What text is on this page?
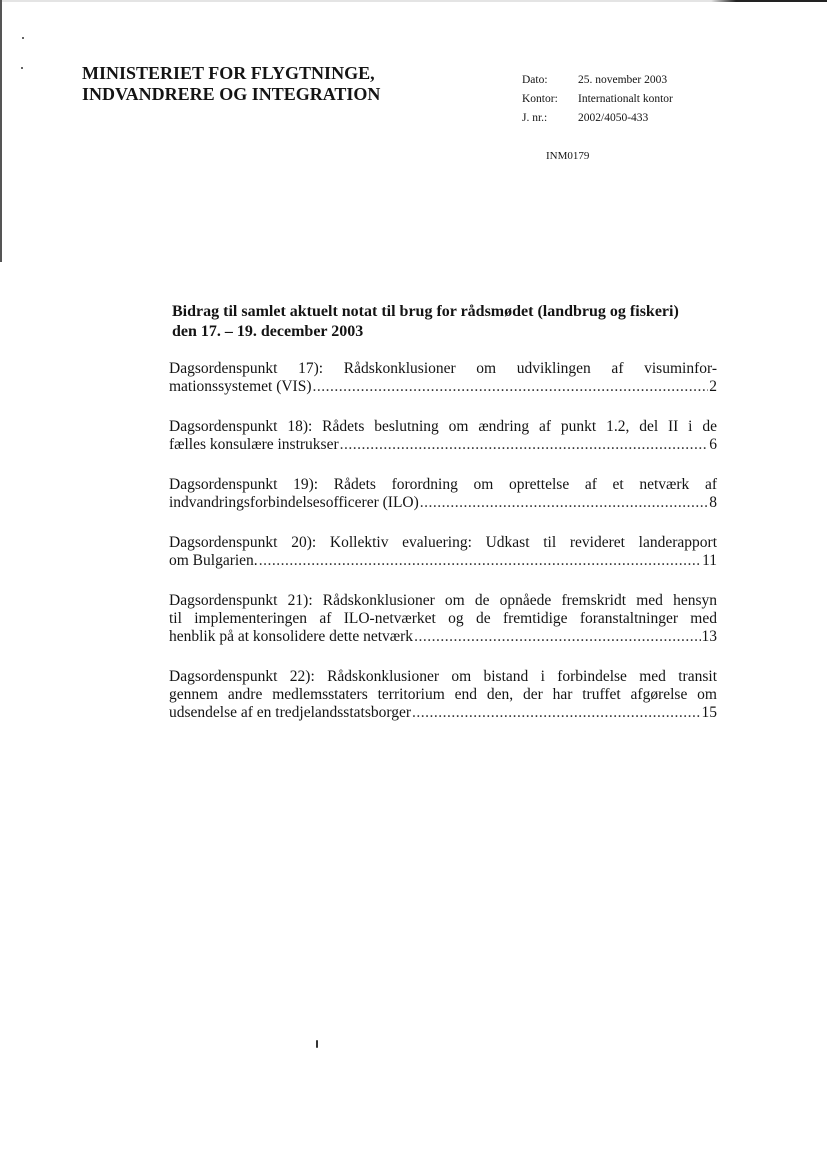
MINISTERIET FOR FLYGTNINGE,
INDVANDRERE OG INTEGRATION
Dato:	25. november 2003
Kontor:	Internationalt kontor
J. nr.:	2002/4050-433
INM0179
Bidrag til samlet aktuelt notat til brug for rådsmødet (landbrug og fiskeri)
den 17. – 19. december 2003
Dagsordenspunkt 17): Rådskonklusioner om udviklingen af visuminfor-
mationssystemet (VIS) .....	2
Dagsordenspunkt 18): Rådets beslutning om ændring af punkt 1.2, del II i de
fælles konsulære instrukser .....	6
Dagsordenspunkt 19): Rådets forordning om oprettelse af et netværk af
indvandringsforbindelsesofficerer (ILO) .....	8
Dagsordenspunkt 20): Kollektiv evaluering: Udkast til revideret landerapport
om Bulgarien. .....	11
Dagsordenspunkt 21): Rådskonklusioner om de opnåede fremskridt med hensyn
til implementeringen af ILO-netværket og de fremtidige foranstaltninger med
henblik på at konsolidere dette netværk .....	13
Dagsordenspunkt 22): Rådskonklusioner om bistand i forbindelse med transit
gennem andre medlemsstaters territorium end den, der har truffet afgørelse om
udsendelse af en tredjelandsstatsborger .....	15
